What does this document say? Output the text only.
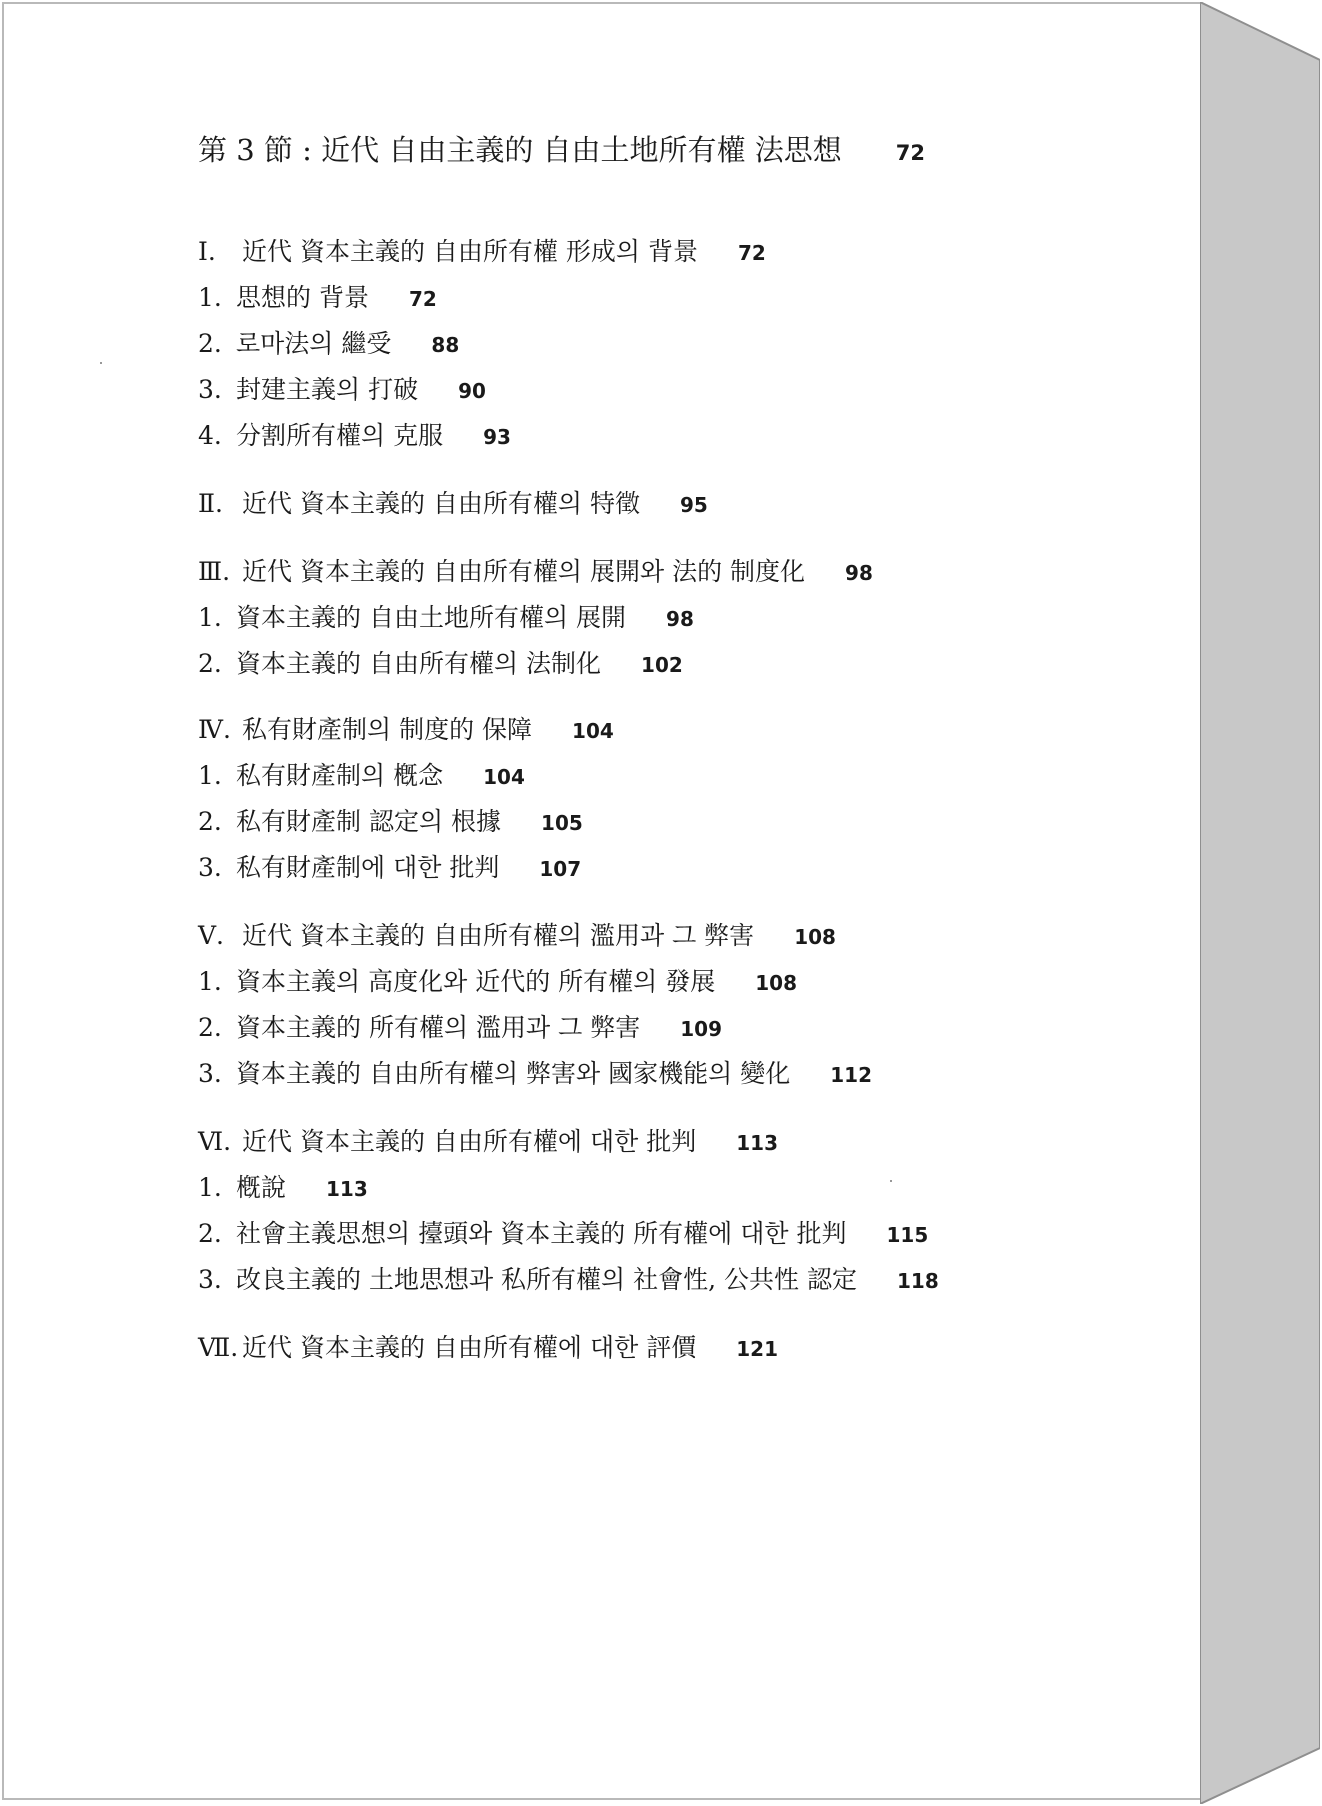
第 3 節 : 近代 自由主義的 自由土地所有權 法思想	72
Ⅰ. 近代 資本主義的 自由所有權 形成의 背景 72
1. 思想的 背景 72
2. 로마法의 繼受 88
3. 封建主義의 打破 90
4. 分割所有權의 克服 93
Ⅱ. 近代 資本主義的 自由所有權의 特徵 95
Ⅲ. 近代 資本主義的 自由所有權의 展開와 法的 制度化 98
1. 資本主義的 自由土地所有權의 展開 98
2. 資本主義的 自由所有權의 法制化 102
Ⅳ. 私有財產制의 制度的 保障 104
1. 私有財產制의 槪念 104
2. 私有財產制 認定의 根據 105
3. 私有財產制에 대한 批判 107
Ⅴ. 近代 資本主義的 自由所有權의 濫用과 그 弊害 108
1. 資本主義의 高度化와 近代的 所有權의 發展 108
2. 資本主義的 所有權의 濫用과 그 弊害 109
3. 資本主義的 自由所有權의 弊害와 國家機能의 變化 112
Ⅵ. 近代 資本主義的 自由所有權에 대한 批判 113
1. 槪說 113
2. 社會主義思想의 擡頭와 資本主義的 所有權에 대한 批判 115
3. 改良主義的 土地思想과 私所有權의 社會性, 公共性 認定 118
Ⅶ. 近代 資本主義的 自由所有權에 대한 評價 121
